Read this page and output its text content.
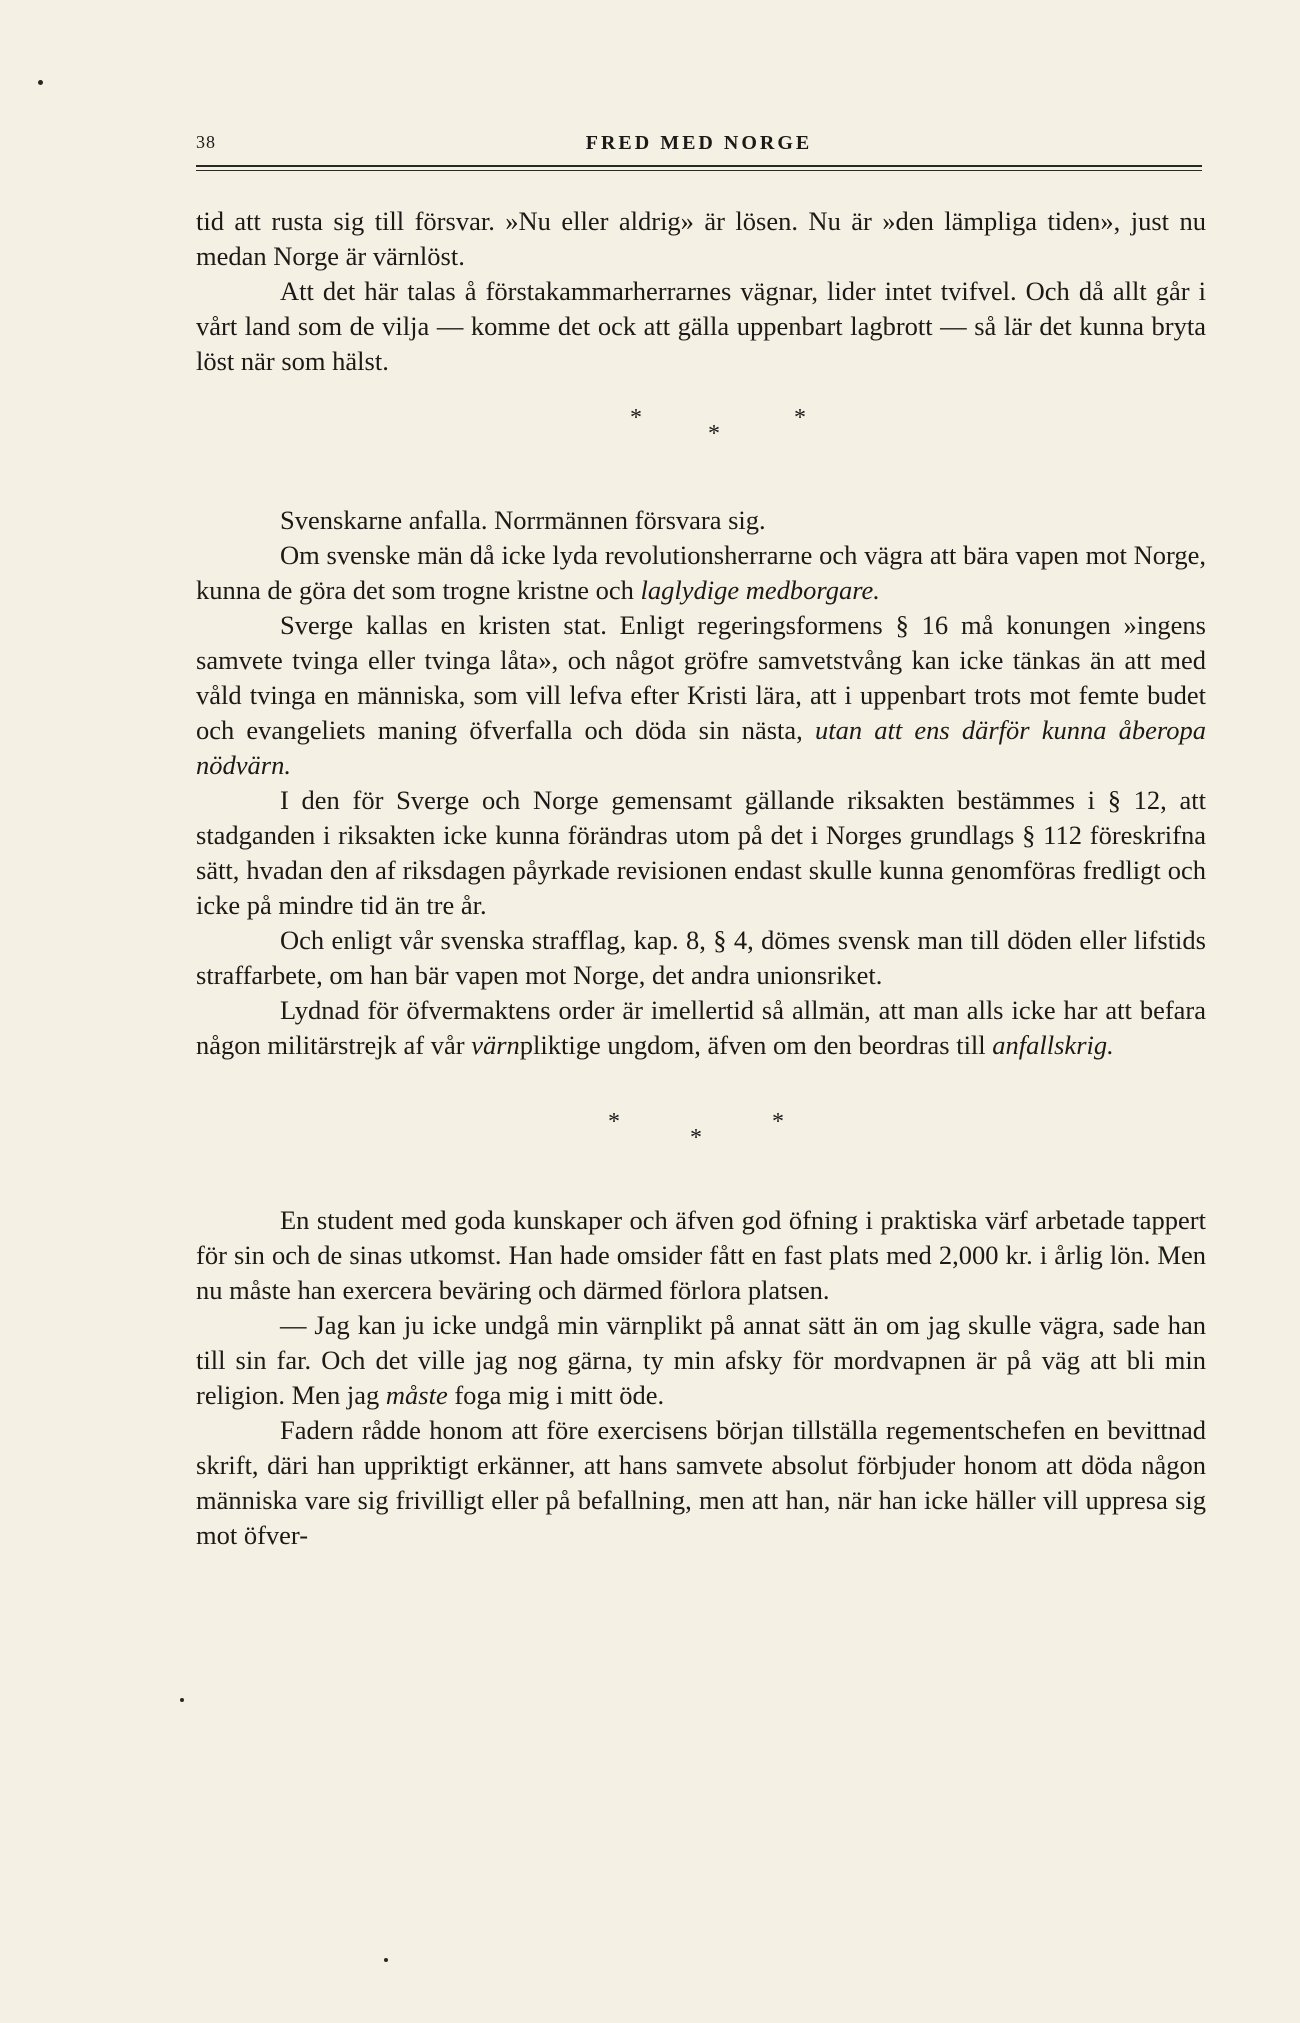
38	FRED MED NORGE

tid att rusta sig till försvar. »Nu eller aldrig» är lösen. Nu är »den lämpliga tiden», just nu medan Norge är värnlöst.

Att det här talas å förstakammarherrarnes vägnar, lider intet tvifvel. Och då allt går i vårt land som de vilja — komme det ock att gälla uppenbart lagbrott — så lär det kunna bryta löst när som hälst.

*
*
*

Svenskarne anfalla. Norrmännen försvara sig.

Om svenske män då icke lyda revolutionsherrarne och vägra att bära vapen mot Norge, kunna de göra det som trogne kristne och laglydige medborgare.

Sverge kallas en kristen stat. Enligt regeringsformens § 16 må konungen »ingens samvete tvinga eller tvinga låta», och något gröfre samvetstvång kan icke tänkas än att med våld tvinga en människa, som vill lefva efter Kristi lära, att i uppenbart trots mot femte budet och evangeliets maning öfverfalla och döda sin nästa, utan att ens därför kunna åberopa nödvärn.

I den för Sverge och Norge gemensamt gällande riksakten bestämmes i § 12, att stadganden i riksakten icke kunna förändras utom på det i Norges grundlags § 112 föreskrifna sätt, hvadan den af riksdagen påyrkade revisionen endast skulle kunna genomföras fredligt och icke på mindre tid än tre år.

Och enligt vår svenska strafflag, kap. 8, § 4, dömes svensk man till döden eller lifstids straffarbete, om han bär vapen mot Norge, det andra unionsriket.

Lydnad för öfvermaktens order är imellertid så allmän, att man alls icke har att befara någon militärstrejk af vår värnpliktige ungdom, äfven om den beordras till anfallskrig.

*
*
*

En student med goda kunskaper och äfven god öfning i praktiska värf arbetade tappert för sin och de sinas utkomst. Han hade omsider fått en fast plats med 2,000 kr. i årlig lön. Men nu måste han exercera beväring och därmed förlora platsen.

— Jag kan ju icke undgå min värnplikt på annat sätt än om jag skulle vägra, sade han till sin far. Och det ville jag nog gärna, ty min afsky för mordvapnen är på väg att bli min religion. Men jag måste foga mig i mitt öde.

Fadern rådde honom att före exercisens början tillställa regementschefen en bevittnad skrift, däri han uppriktigt erkänner, att hans samvete absolut förbjuder honom att döda någon människa vare sig frivilligt eller på befallning, men att han, när han icke häller vill uppresa sig mot öfver-
